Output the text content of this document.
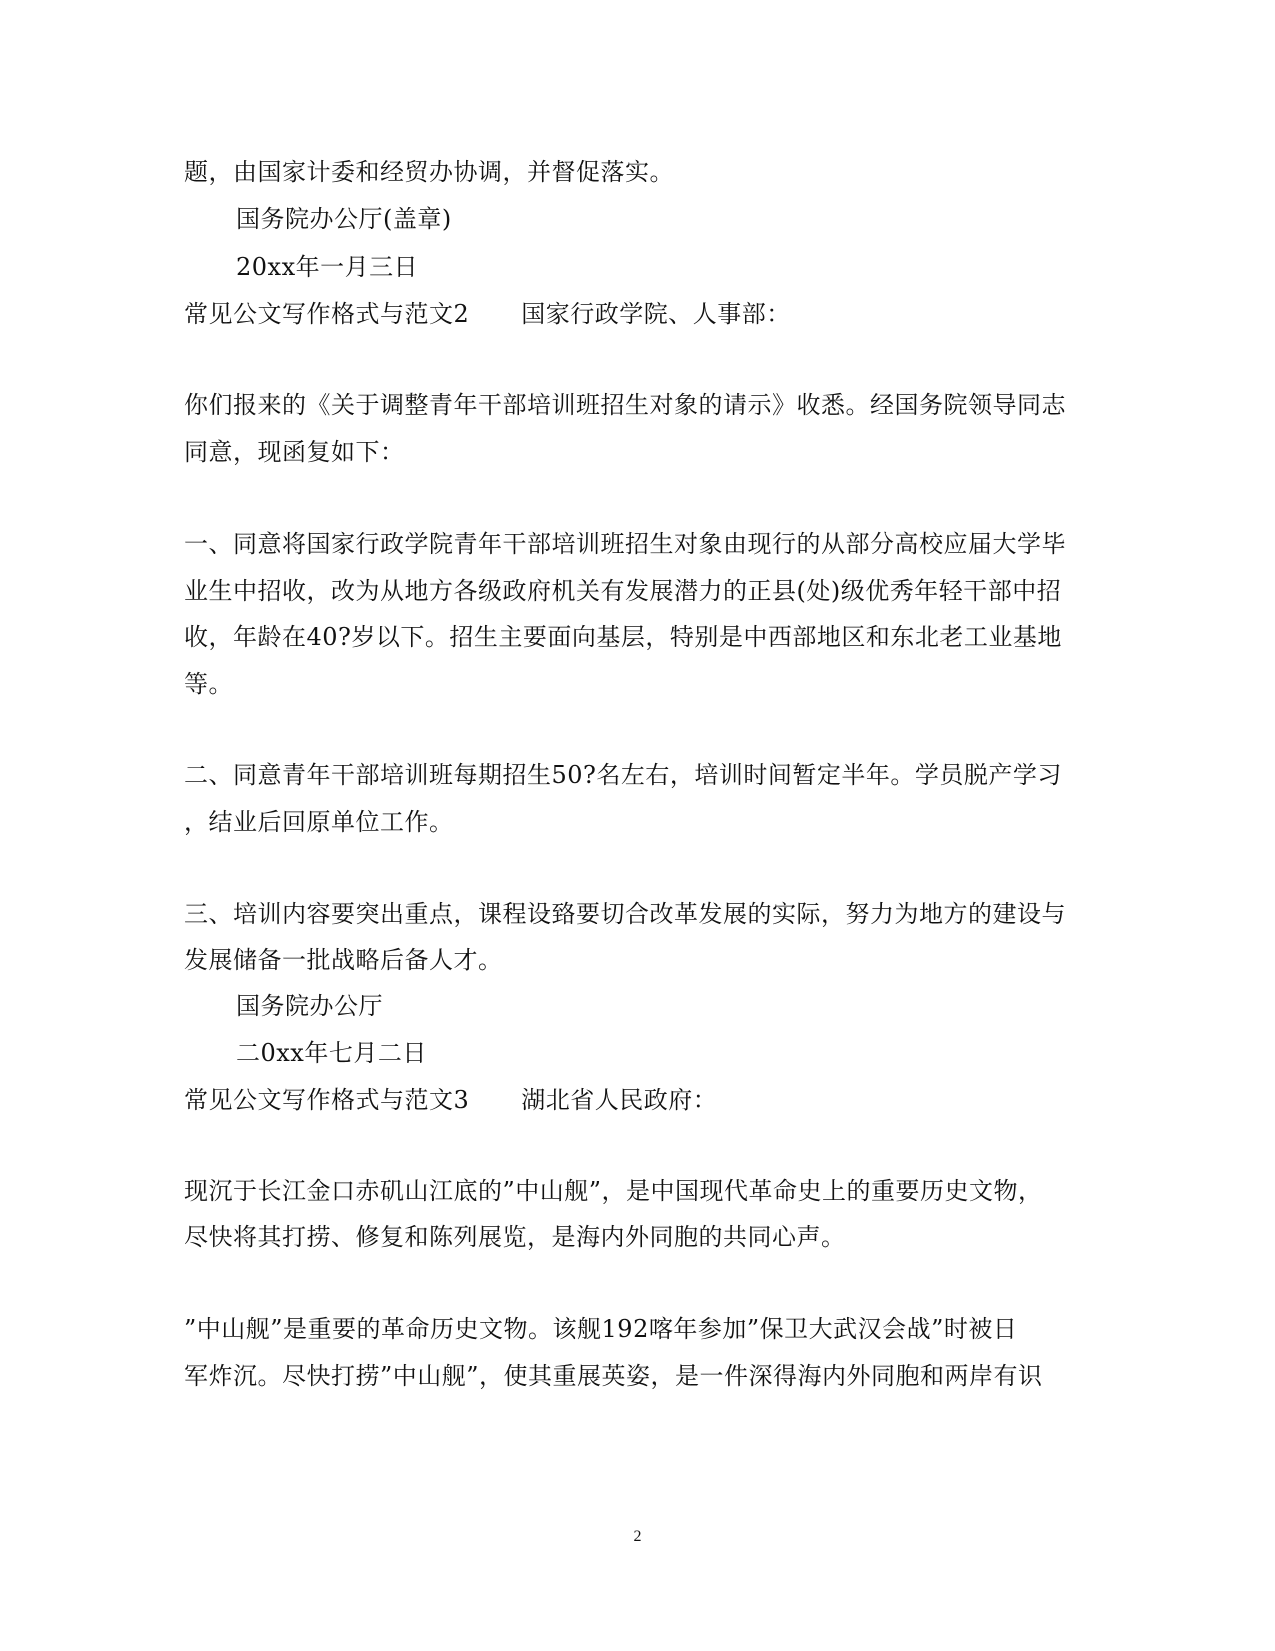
题，由国家计委和经贸办协调，并督促落实。
国务院办公厅(盖章)
20xx年一月三日
常见公文写作格式与范文2 国家行政学院、人事部：
你们报来的《关于调整青年干部培训班招生对象的请示》收悉。经国务院领导同志
同意，现函复如下：
一、同意将国家行政学院青年干部培训班招生对象由现行的从部分高校应届大学毕
业生中招收，改为从地方各级政府机关有发展潜力的正县(处)级优秀年轻干部中招
收，年龄在40?岁以下。招生主要面向基层，特别是中西部地区和东北老工业基地
等。
二、同意青年干部培训班每期招生50?名左右，培训时间暂定半年。学员脱产学习
，结业后回原单位工作。
三、培训内容要突出重点，课程设臵要切合改革发展的实际，努力为地方的建设与
发展储备一批战略后备人才。
国务院办公厅
二0xx年七月二日
常见公文写作格式与范文3 湖北省人民政府：
现沉于长江金口赤矶山江底的”中山舰”，是中国现代革命史上的重要历史文物，
尽快将其打捞、修复和陈列展览，是海内外同胞的共同心声。
”中山舰”是重要的革命历史文物。该舰192喀年参加”保卫大武汉会战”时被日
军炸沉。尽快打捞”中山舰”，使其重展英姿，是一件深得海内外同胞和两岸有识
2
